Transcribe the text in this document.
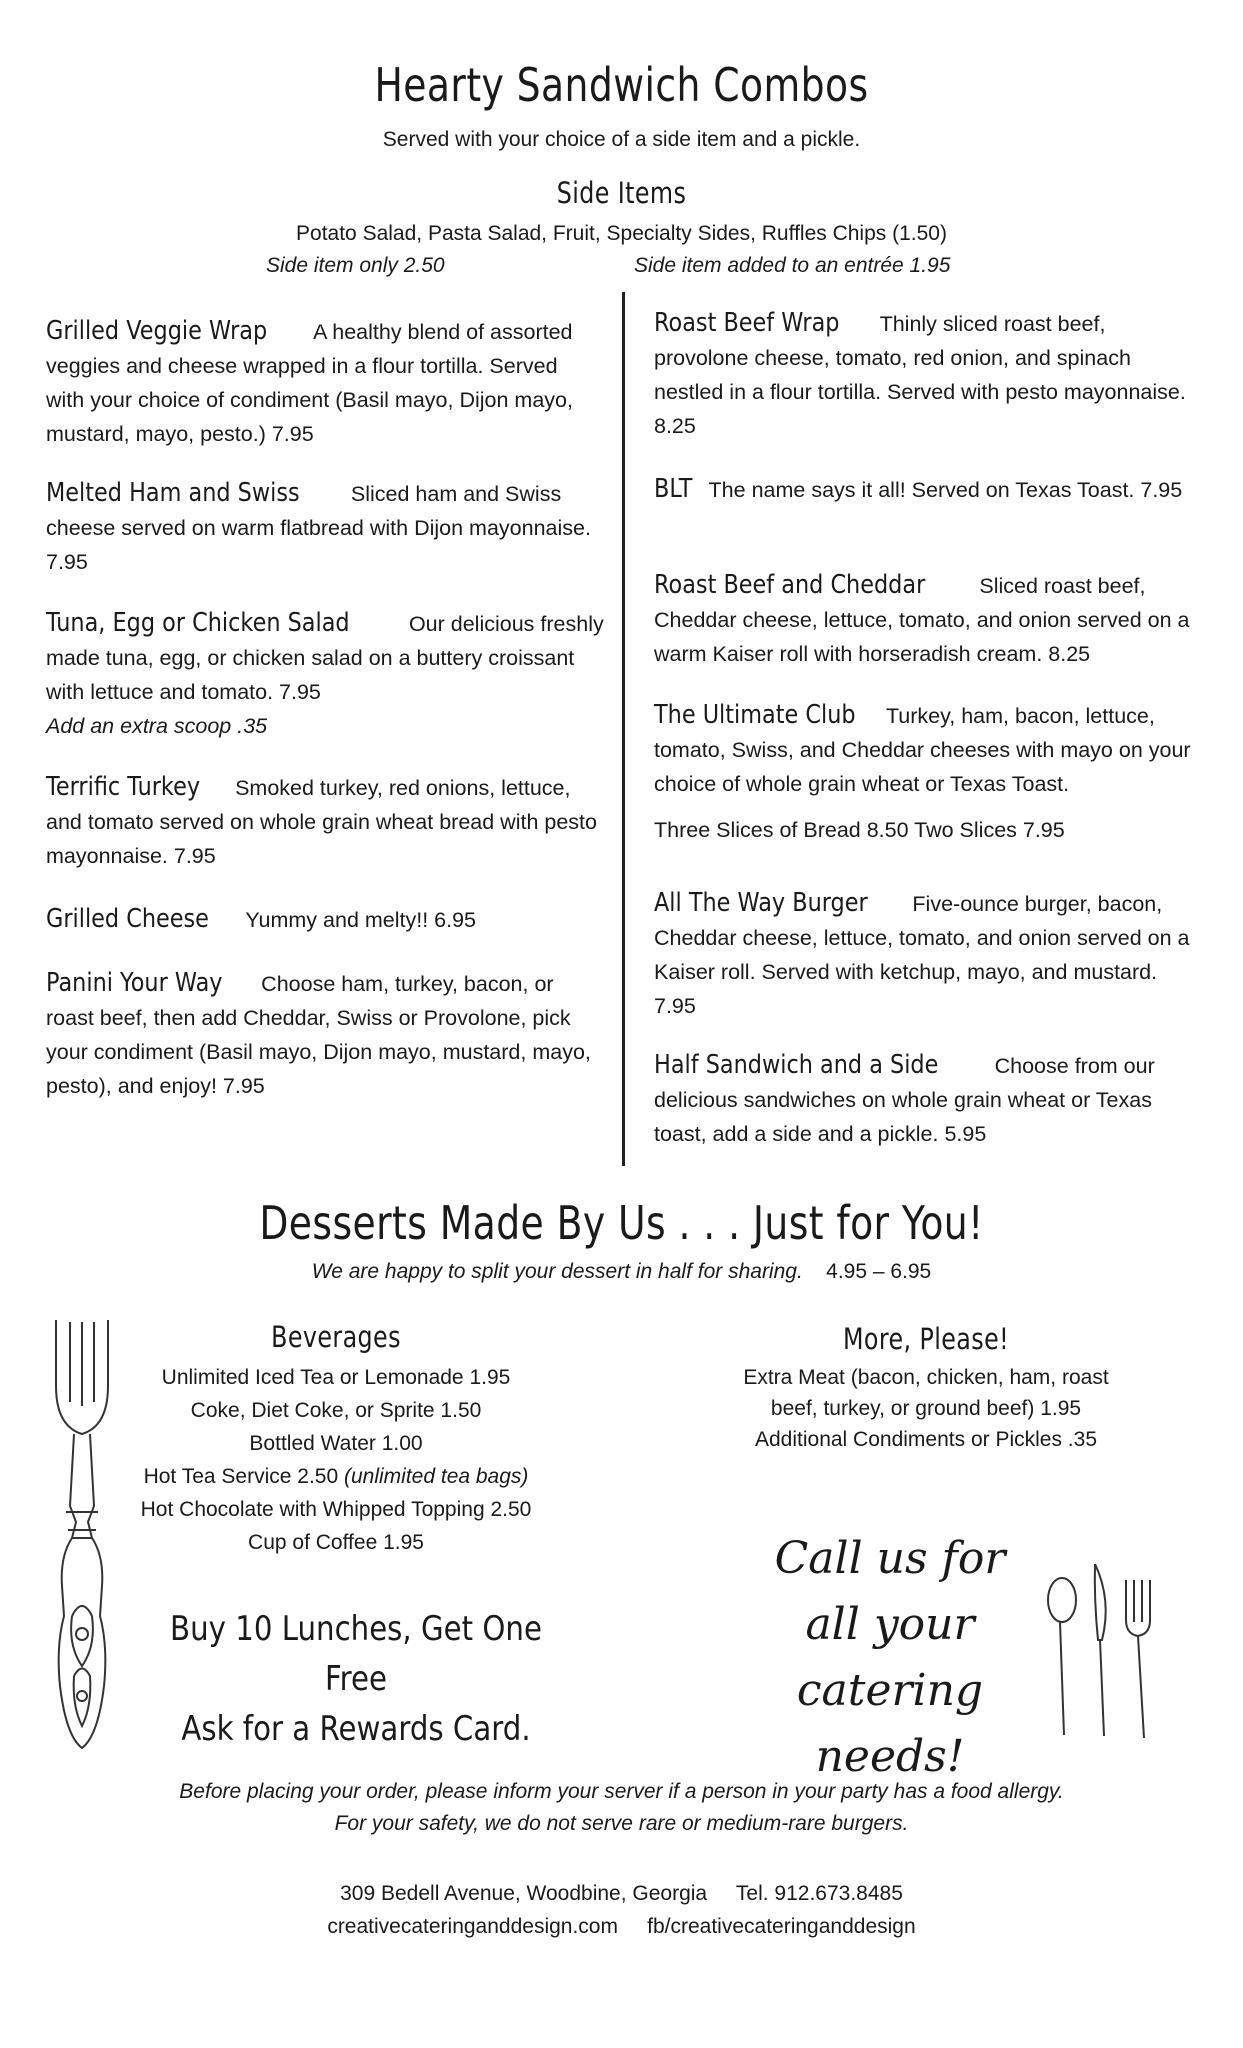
Hearty Sandwich Combos
Served with your choice of a side item and a pickle.
Side Items
Potato Salad, Pasta Salad, Fruit, Specialty Sides, Ruffles Chips (1.50)
Side item only 2.50	Side item added to an entrée 1.95
Grilled Veggie Wrap A healthy blend of assorted veggies and cheese wrapped in a flour tortilla. Served with your choice of condiment (Basil mayo, Dijon mayo, mustard, mayo, pesto.) 7.95
Melted Ham and Swiss Sliced ham and Swiss cheese served on warm flatbread with Dijon mayonnaise. 7.95
Tuna, Egg or Chicken Salad	Our delicious freshly made tuna, egg, or chicken salad on a buttery croissant with lettuce and tomato. 7.95
Add an extra scoop .35
Terrific Turkey Smoked turkey, red onions, lettuce, and tomato served on whole grain wheat bread with pesto mayonnaise. 7.95
Grilled Cheese Yummy and melty!! 6.95
Panini Your Way Choose ham, turkey, bacon, or roast beef, then add Cheddar, Swiss or Provolone, pick your condiment (Basil mayo, Dijon mayo, mustard, mayo, pesto), and enjoy! 7.95
Roast Beef Wrap Thinly sliced roast beef, provolone cheese, tomato, red onion, and spinach nestled in a flour tortilla. Served with pesto mayonnaise. 8.25
BLT The name says it all! Served on Texas Toast. 7.95
Roast Beef and Cheddar	Sliced roast beef, Cheddar cheese, lettuce, tomato, and onion served on a warm Kaiser roll with horseradish cream. 8.25
The Ultimate Club Turkey, ham, bacon, lettuce, tomato, Swiss, and Cheddar cheeses with mayo on your choice of whole grain wheat or Texas Toast.
Three Slices of Bread 8.50 Two Slices 7.95
All The Way Burger Five-ounce burger, bacon, Cheddar cheese, lettuce, tomato, and onion served on a Kaiser roll. Served with ketchup, mayo, and mustard. 7.95
Half Sandwich and a Side	Choose from our delicious sandwiches on whole grain wheat or Texas toast, add a side and a pickle. 5.95
Desserts Made By Us . . . Just for You!
We are happy to split your dessert in half for sharing. 4.95 – 6.95
Beverages
Unlimited Iced Tea or Lemonade 1.95
Coke, Diet Coke, or Sprite 1.50
Bottled Water 1.00
Hot Tea Service 2.50 (unlimited tea bags)
Hot Chocolate with Whipped Topping 2.50
Cup of Coffee 1.95
More, Please!
Extra Meat (bacon, chicken, ham, roast
beef, turkey, or ground beef) 1.95
Additional Condiments or Pickles .35
Buy 10 Lunches, Get One Free
Ask for a Rewards Card.
Call us for
all your
catering needs!
Before placing your order, please inform your server if a person in your party has a food allergy.
For your safety, we do not serve rare or medium-rare burgers.
309 Bedell Avenue, Woodbine, Georgia     Tel. 912.673.8485
creativecateringanddesign.com     fb/creativecateringanddesign
